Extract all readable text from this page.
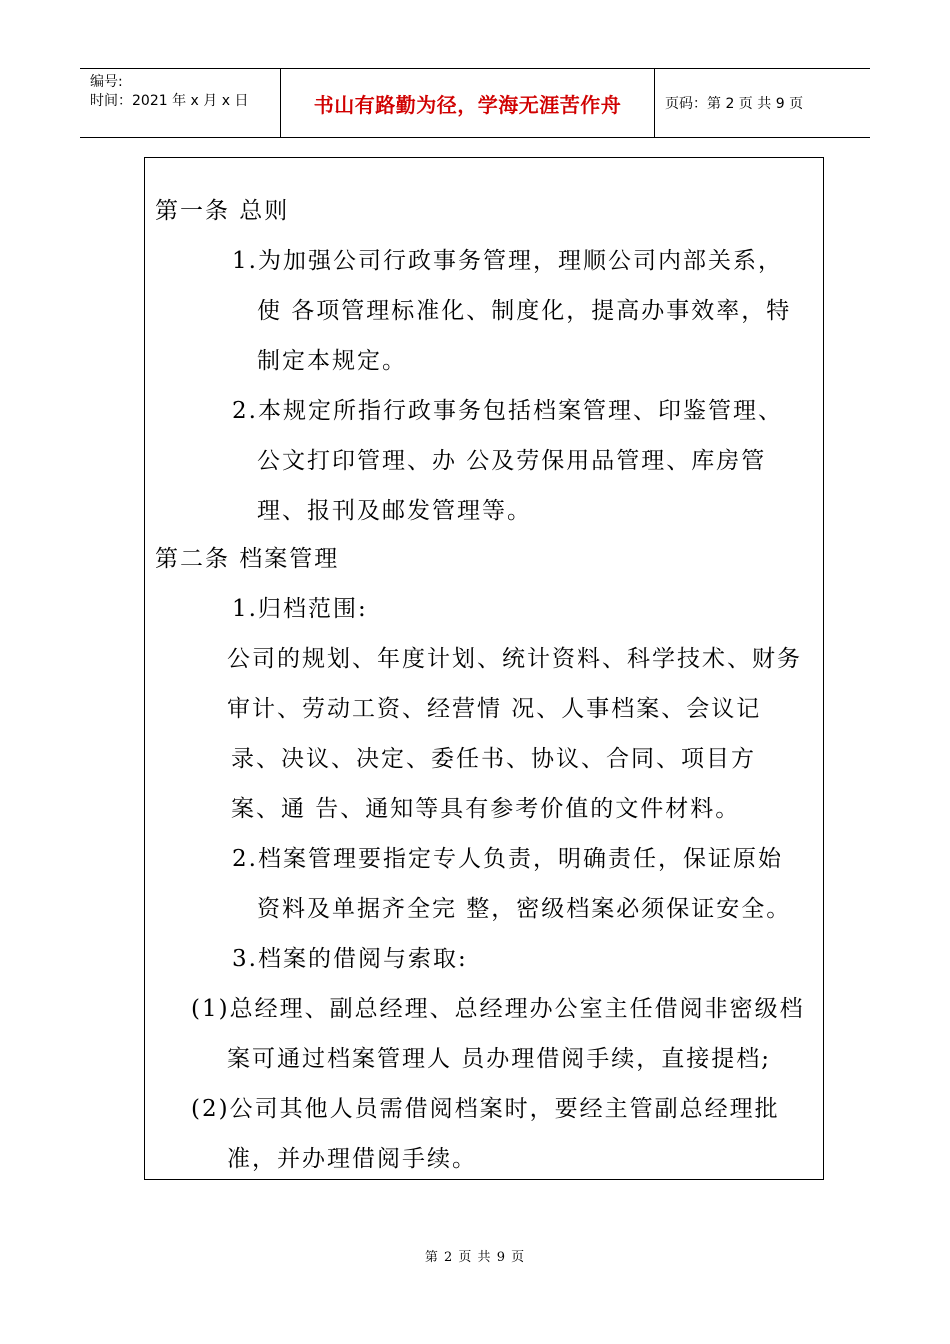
编号:
时间：2021 年 x 月 x 日	书山有路勤为径，学海无涯苦作舟	页码：第 2 页 共 9 页
第一条 总则
1.为加强公司行政事务管理，理顺公司内部关系，
使 各项管理标准化、制度化，提高办事效率，特
制定本规定。
2.本规定所指行政事务包括档案管理、印鉴管理、
公文打印管理、办 公及劳保用品管理、库房管
理、报刊及邮发管理等。
第二条 档案管理
1.归档范围:
公司的规划、年度计划、统计资料、科学技术、财务
审计、劳动工资、经营情 况、人事档案、会议记
录、决议、决定、委任书、协议、合同、项目方
案、通 告、通知等具有参考价值的文件材料。
2.档案管理要指定专人负责，明确责任，保证原始
资料及单据齐全完 整，密级档案必须保证安全。
3.档案的借阅与索取:
(1)总经理、副总经理、总经理办公室主任借阅非密级档
案可通过档案管理人 员办理借阅手续，直接提档;
(2)公司其他人员需借阅档案时，要经主管副总经理批
准，并办理借阅手续。
第 2 页 共 9 页
